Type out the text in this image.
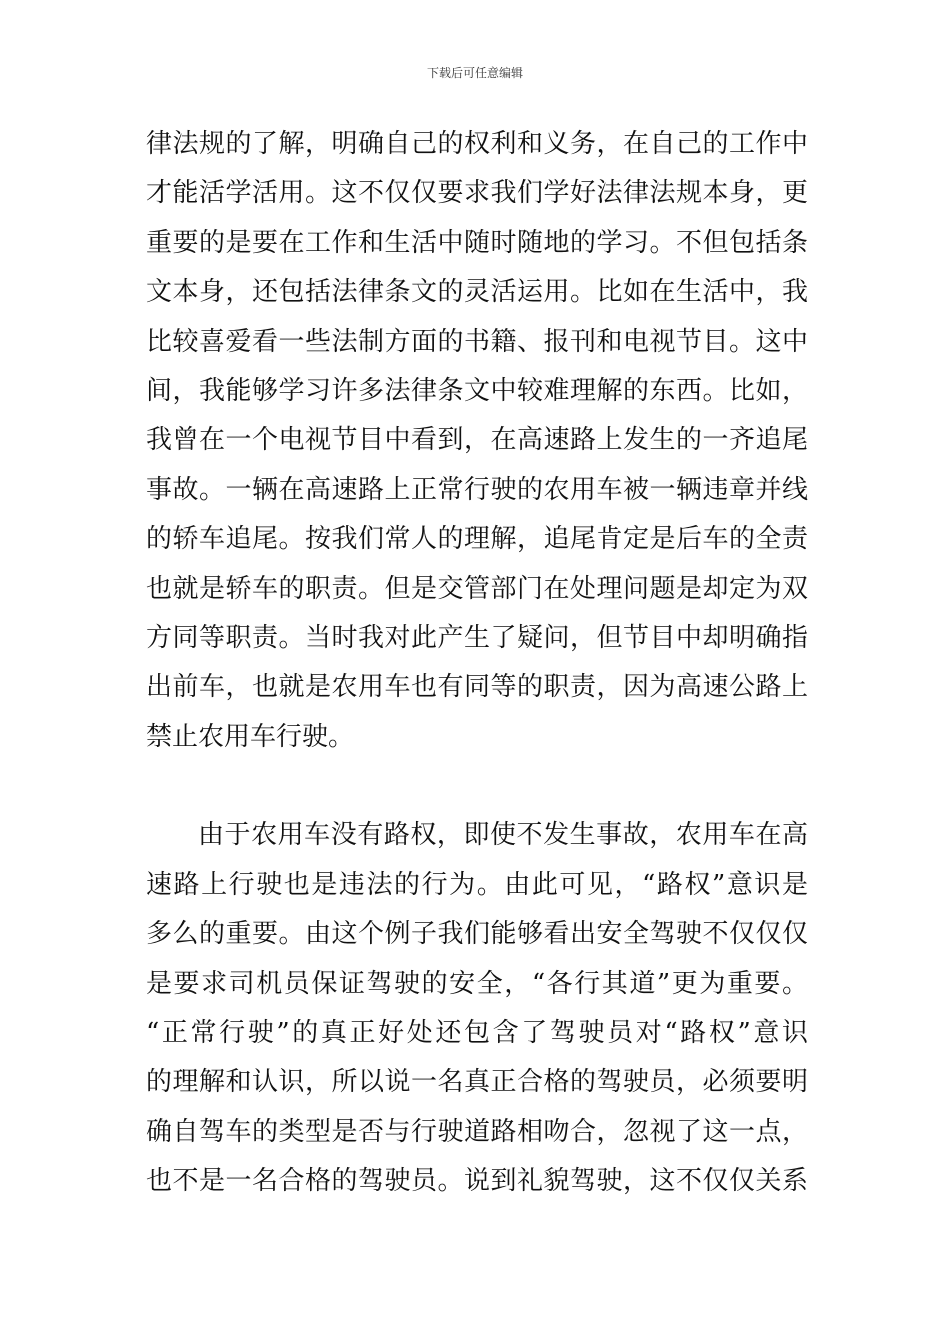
下载后可任意编辑
律法规的了解，明确自己的权利和义务，在自己的工作中
才能活学活用。这不仅仅要求我们学好法律法规本身，更
重要的是要在工作和生活中随时随地的学习。不但包括条
文本身，还包括法律条文的灵活运用。比如在生活中，我
比较喜爱看一些法制方面的书籍、报刊和电视节目。这中
间，我能够学习许多法律条文中较难理解的东西。比如，
我曾在一个电视节目中看到，在高速路上发生的一齐追尾
事故。一辆在高速路上正常行驶的农用车被一辆违章并线
的轿车追尾。按我们常人的理解，追尾肯定是后车的全责
也就是轿车的职责。但是交管部门在处理问题是却定为双
方同等职责。当时我对此产生了疑问，但节目中却明确指
出前车，也就是农用车也有同等的职责，因为高速公路上
禁止农用车行驶。
由于农用车没有路权，即使不发生事故，农用车在高
速路上行驶也是违法的行为。由此可见，“路权”意识是
多么的重要。由这个例子我们能够看出安全驾驶不仅仅仅
是要求司机员保证驾驶的安全，“各行其道”更为重要。
“正常行驶”的真正好处还包含了驾驶员对“路权”意识
的理解和认识，所以说一名真正合格的驾驶员，必须要明
确自驾车的类型是否与行驶道路相吻合，忽视了这一点，
也不是一名合格的驾驶员。说到礼貌驾驶，这不仅仅关系
